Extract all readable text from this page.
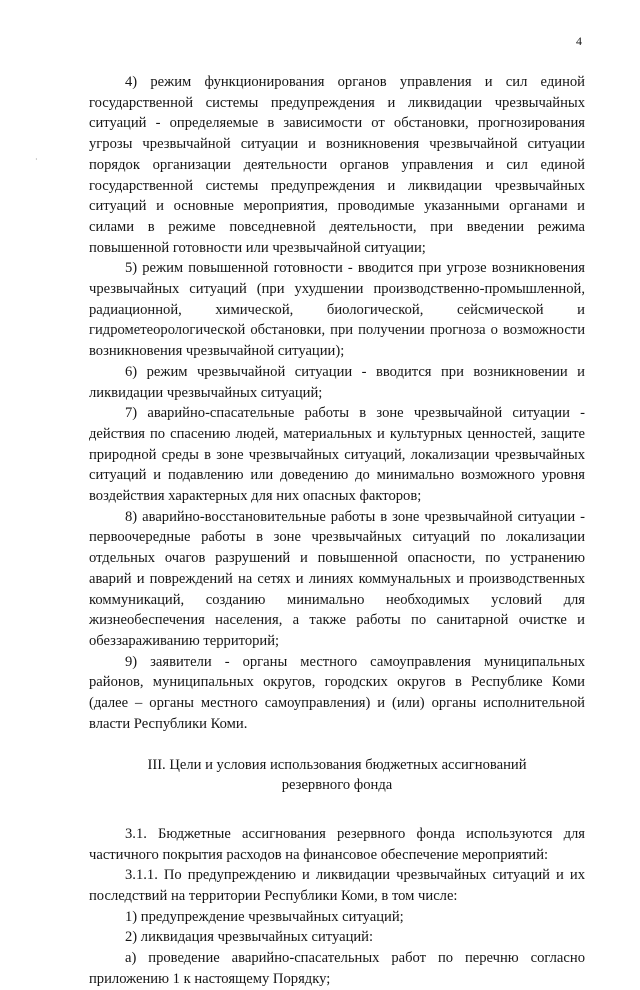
4
·

4) режим функционирования органов управления и сил единой государственной системы предупреждения и ликвидации чрезвычайных ситуаций - определяемые в зависимости от обстановки, прогнозирования угрозы чрезвычайной ситуации и возникновения чрезвычайной ситуации порядок организации деятельности органов управления и сил единой государственной системы предупреждения и ликвидации чрезвычайных ситуаций и основные мероприятия, проводимые указанными органами и силами в режиме повседневной деятельности, при введении режима повышенной готовности или чрезвычайной ситуации;

5) режим повышенной готовности - вводится при угрозе возникновения чрезвычайных ситуаций (при ухудшении производственно-промышленной, радиационной, химической, биологической, сейсмической и гидрометеорологической обстановки, при получении прогноза о возможности возникновения чрезвычайной ситуации);

6) режим чрезвычайной ситуации - вводится при возникновении и ликвидации чрезвычайных ситуаций;

7) аварийно-спасательные работы в зоне чрезвычайной ситуации - действия по спасению людей, материальных и культурных ценностей, защите природной среды в зоне чрезвычайных ситуаций, локализации чрезвычайных ситуаций и подавлению или доведению до минимально возможного уровня воздействия характерных для них опасных факторов;

8) аварийно-восстановительные работы в зоне чрезвычайной ситуации - первоочередные работы в зоне чрезвычайных ситуаций по локализации отдельных очагов разрушений и повышенной опасности, по устранению аварий и повреждений на сетях и линиях коммунальных и производственных коммуникаций, созданию минимально необходимых условий для жизнеобеспечения населения, а также работы по санитарной очистке и обеззараживанию территорий;

9) заявители - органы местного самоуправления муниципальных районов, муниципальных округов, городских округов в Республике Коми (далее – органы местного самоуправления) и (или) органы исполнительной власти Республики Коми.

III. Цели и условия использования бюджетных ассигнований
резервного фонда

3.1. Бюджетные ассигнования резервного фонда используются для частичного покрытия расходов на финансовое обеспечение мероприятий:

3.1.1. По предупреждению и ликвидации чрезвычайных ситуаций и их последствий на территории Республики Коми, в том числе:

1) предупреждение чрезвычайных ситуаций;

2) ликвидация чрезвычайных ситуаций:

а) проведение аварийно-спасательных работ по перечню согласно приложению 1 к настоящему Порядку;
